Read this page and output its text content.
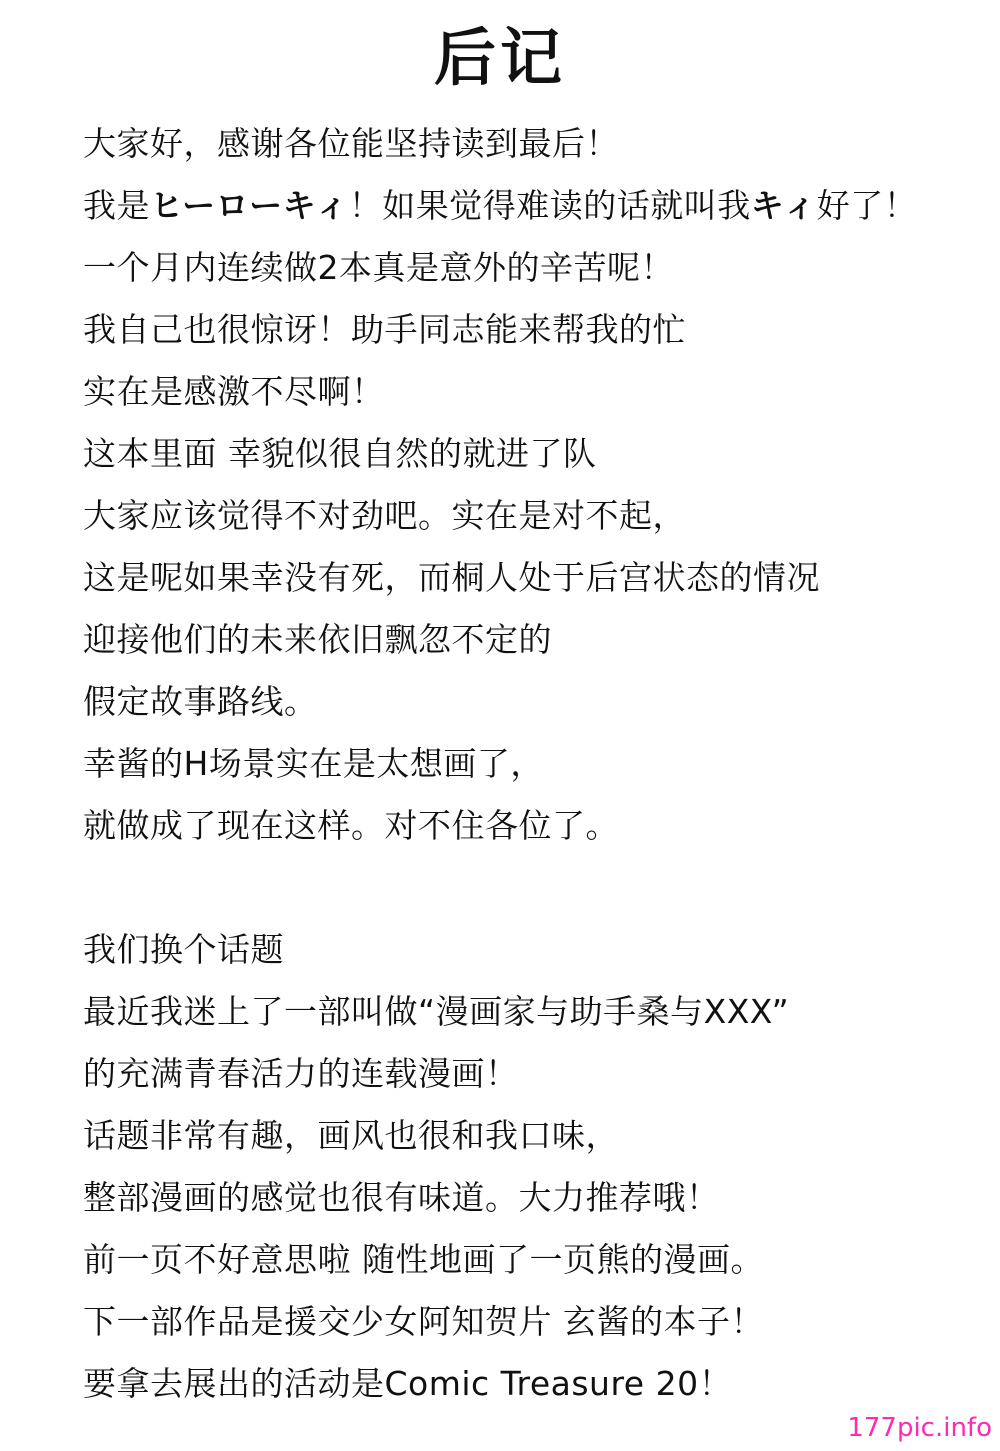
后记
大家好，感谢各位能坚持读到最后！
我是ヒーローキィ！如果觉得难读的话就叫我キィ好了！
一个月内连续做2本真是意外的辛苦呢！
我自己也很惊讶！助手同志能来帮我的忙
实在是感激不尽啊！
这本里面 幸貌似很自然的就进了队
大家应该觉得不对劲吧。实在是对不起，
这是呢如果幸没有死，而桐人处于后宫状态的情况
迎接他们的未来依旧飘忽不定的
假定故事路线。
幸酱的H场景实在是太想画了，
就做成了现在这样。对不住各位了。
我们换个话题
最近我迷上了一部叫做“漫画家与助手桑与XXX”
的充满青春活力的连载漫画！
话题非常有趣，画风也很和我口味，
整部漫画的感觉也很有味道。大力推荐哦！
前一页不好意思啦 随性地画了一页熊的漫画。
下一部作品是援交少女阿知贺片 玄酱的本子！
要拿去展出的活动是Comic Treasure 20！
177pic.info
